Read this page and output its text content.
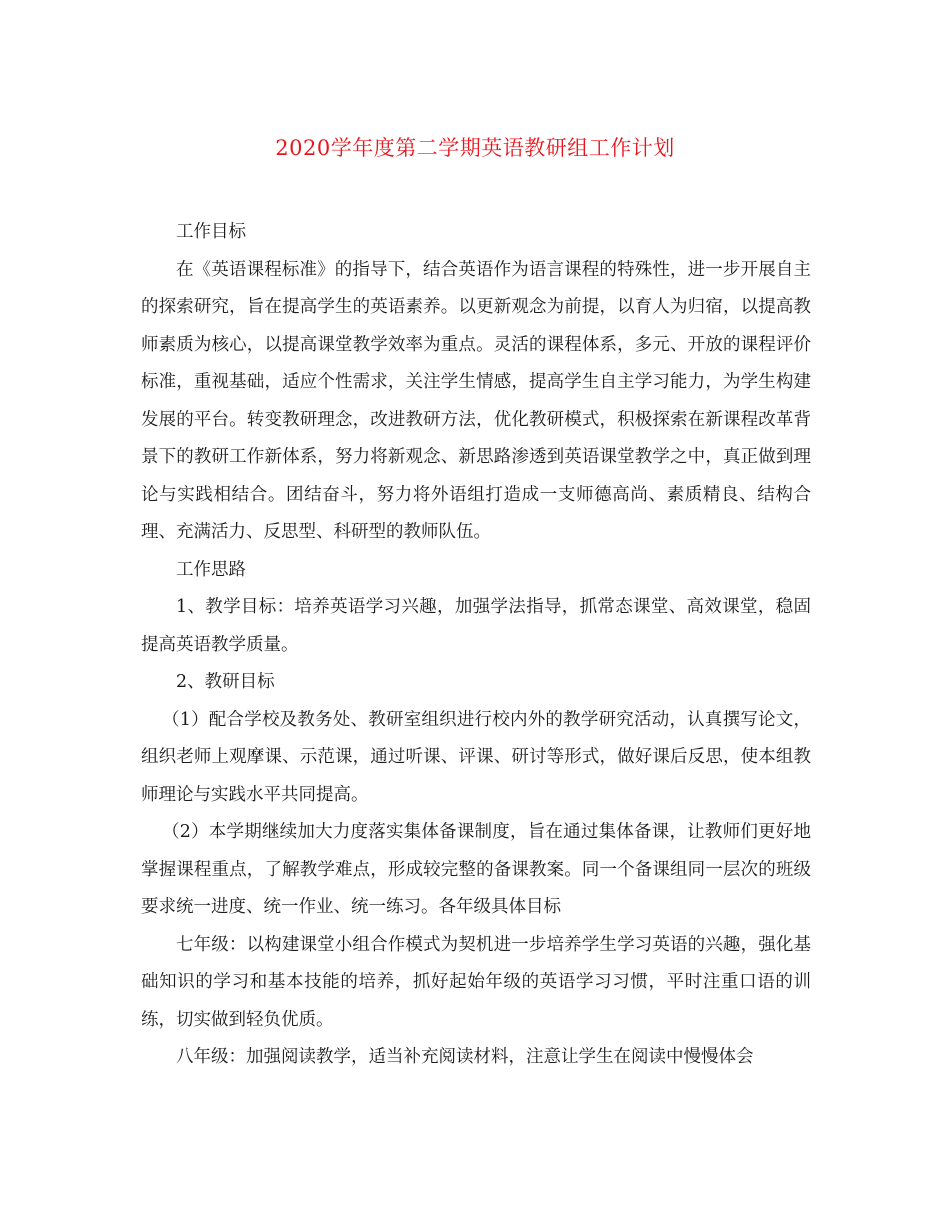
2020学年度第二学期英语教研组工作计划

工作目标

在《英语课程标准》的指导下，结合英语作为语言课程的特殊性，进一步开展自主的探索研究，旨在提高学生的英语素养。以更新观念为前提，以育人为归宿，以提高教师素质为核心，以提高课堂教学效率为重点。灵活的课程体系，多元、开放的课程评价标准，重视基础，适应个性需求，关注学生情感，提高学生自主学习能力，为学生构建发展的平台。转变教研理念，改进教研方法，优化教研模式，积极探索在新课程改革背景下的教研工作新体系，努力将新观念、新思路渗透到英语课堂教学之中，真正做到理论与实践相结合。团结奋斗，努力将外语组打造成一支师德高尚、素质精良、结构合理、充满活力、反思型、科研型的教师队伍。

工作思路

1、教学目标：培养英语学习兴趣，加强学法指导，抓常态课堂、高效课堂，稳固提高英语教学质量。

2、教研目标

（1）配合学校及教务处、教研室组织进行校内外的教学研究活动，认真撰写论文，组织老师上观摩课、示范课，通过听课、评课、研讨等形式，做好课后反思，使本组教师理论与实践水平共同提高。

（2）本学期继续加大力度落实集体备课制度，旨在通过集体备课，让教师们更好地掌握课程重点，了解教学难点，形成较完整的备课教案。同一个备课组同一层次的班级要求统一进度、统一作业、统一练习。各年级具体目标

七年级：以构建课堂小组合作模式为契机进一步培养学生学习英语的兴趣，强化基础知识的学习和基本技能的培养，抓好起始年级的英语学习习惯，平时注重口语的训练，切实做到轻负优质。

八年级：加强阅读教学，适当补充阅读材料，注意让学生在阅读中慢慢体会
